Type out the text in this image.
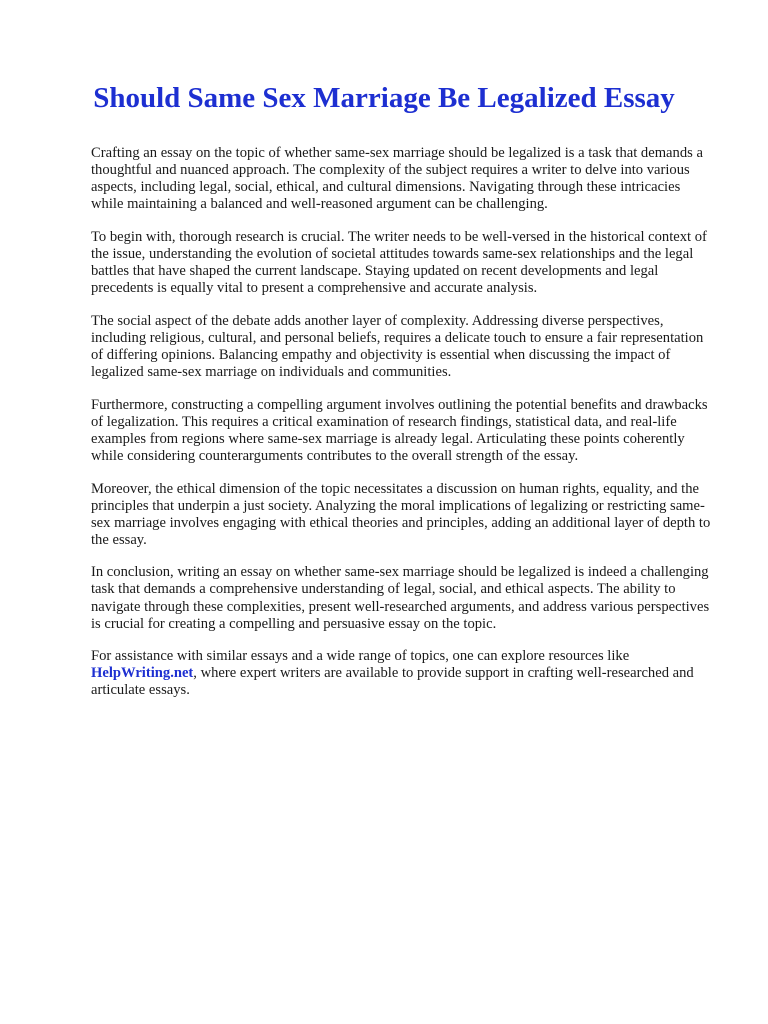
Should Same Sex Marriage Be Legalized Essay

Crafting an essay on the topic of whether same-sex marriage should be legalized is a task that demands a thoughtful and nuanced approach. The complexity of the subject requires a writer to delve into various aspects, including legal, social, ethical, and cultural dimensions. Navigating through these intricacies while maintaining a balanced and well-reasoned argument can be challenging.

To begin with, thorough research is crucial. The writer needs to be well-versed in the historical context of the issue, understanding the evolution of societal attitudes towards same-sex relationships and the legal battles that have shaped the current landscape. Staying updated on recent developments and legal precedents is equally vital to present a comprehensive and accurate analysis.

The social aspect of the debate adds another layer of complexity. Addressing diverse perspectives, including religious, cultural, and personal beliefs, requires a delicate touch to ensure a fair representation of differing opinions. Balancing empathy and objectivity is essential when discussing the impact of legalized same-sex marriage on individuals and communities.

Furthermore, constructing a compelling argument involves outlining the potential benefits and drawbacks of legalization. This requires a critical examination of research findings, statistical data, and real-life examples from regions where same-sex marriage is already legal. Articulating these points coherently while considering counterarguments contributes to the overall strength of the essay.

Moreover, the ethical dimension of the topic necessitates a discussion on human rights, equality, and the principles that underpin a just society. Analyzing the moral implications of legalizing or restricting same-sex marriage involves engaging with ethical theories and principles, adding an additional layer of depth to the essay.

In conclusion, writing an essay on whether same-sex marriage should be legalized is indeed a challenging task that demands a comprehensive understanding of legal, social, and ethical aspects. The ability to navigate through these complexities, present well-researched arguments, and address various perspectives is crucial for creating a compelling and persuasive essay on the topic.

For assistance with similar essays and a wide range of topics, one can explore resources like HelpWriting.net, where expert writers are available to provide support in crafting well-researched and articulate essays.
